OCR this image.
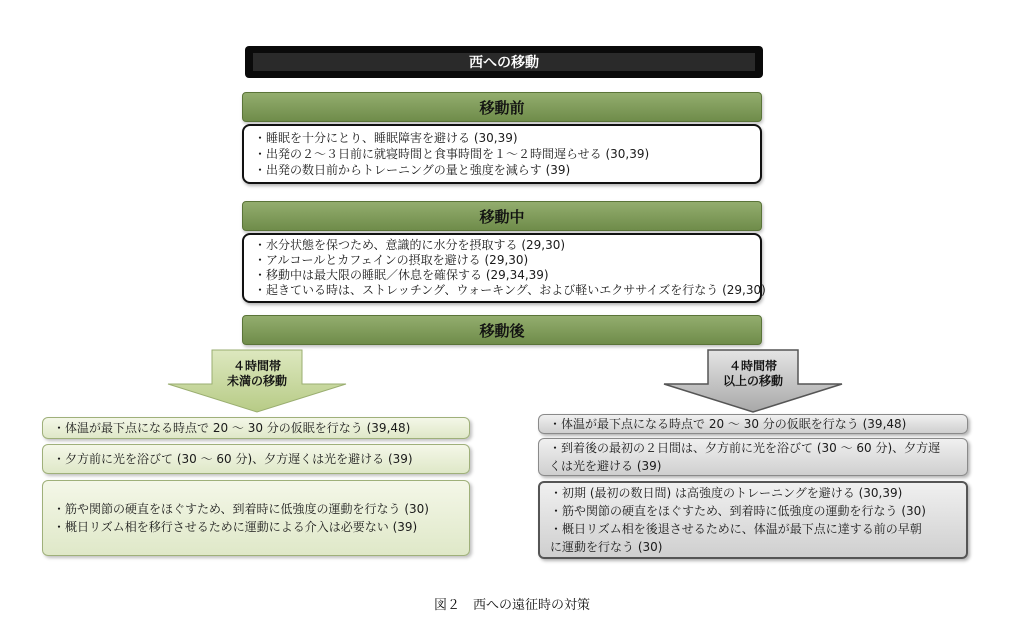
西への移動
移動前
・睡眠を十分にとり、睡眠障害を避ける (30,39)
・出発の２～３日前に就寝時間と食事時間を１～２時間遅らせる (30,39)
・出発の数日前からトレーニングの量と強度を減らす (39)
移動中
・水分状態を保つため、意識的に水分を摂取する (29,30)
・アルコールとカフェインの摂取を避ける (29,30)
・移動中は最大限の睡眠／休息を確保する (29,34,39)
・起きている時は、ストレッチング、ウォーキング、および軽いエクササイズを行なう (29,30)
移動後
４時間帯
未満の移動
４時間帯
以上の移動
・体温が最下点になる時点で 20 ～ 30 分の仮眠を行なう (39,48)
・夕方前に光を浴びて (30 ～ 60 分)、夕方遅くは光を避ける (39)
・筋や関節の硬直をほぐすため、到着時に低強度の運動を行なう (30)
・概日リズム相を移行させるために運動による介入は必要ない (39)
・体温が最下点になる時点で 20 ～ 30 分の仮眠を行なう (39,48)
・到着後の最初の２日間は、夕方前に光を浴びて (30 ～ 60 分)、夕方遅
くは光を避ける (39)
・初期 (最初の数日間) は高強度のトレーニングを避ける (30,39)
・筋や関節の硬直をほぐすため、到着時に低強度の運動を行なう (30)
・概日リズム相を後退させるために、体温が最下点に達する前の早朝
に運動を行なう (30)
図２　西への遠征時の対策
